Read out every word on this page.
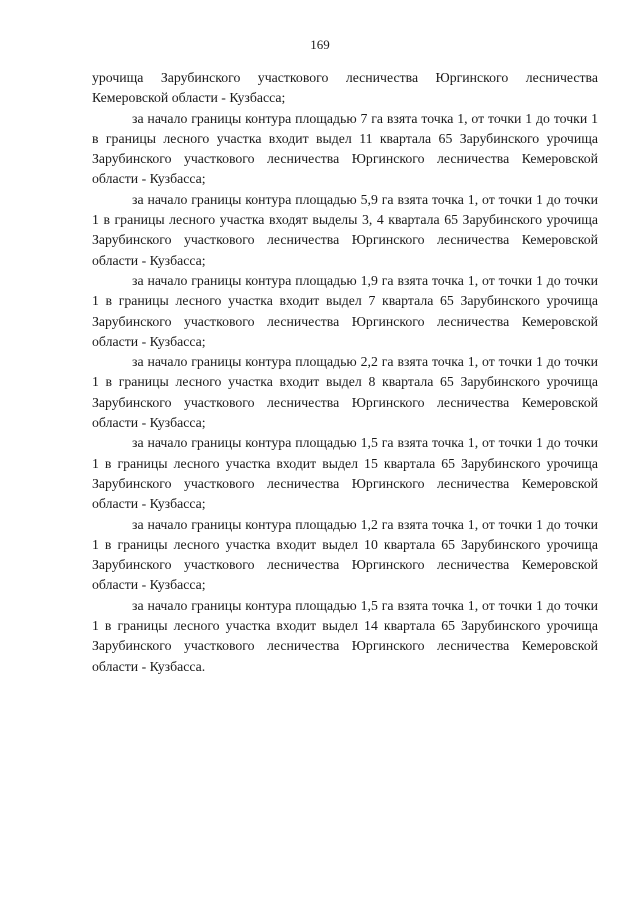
169

урочища Зарубинского участкового лесничества Юргинского лесничества Кемеровской области - Кузбасса;

за начало границы контура площадью 7 га взята точка 1, от точки 1 до точки 1 в границы лесного участка входит выдел 11 квартала 65 Зарубинского урочища Зарубинского участкового лесничества Юргинского лесничества Кемеровской области - Кузбасса;

за начало границы контура площадью 5,9 га взята точка 1, от точки 1 до точки 1 в границы лесного участка входят выделы 3, 4 квартала 65 Зарубинского урочища Зарубинского участкового лесничества Юргинского лесничества Кемеровской области - Кузбасса;

за начало границы контура площадью 1,9 га взята точка 1, от точки 1 до точки 1 в границы лесного участка входит выдел 7 квартала 65 Зарубинского урочища Зарубинского участкового лесничества Юргинского лесничества Кемеровской области - Кузбасса;

за начало границы контура площадью 2,2 га взята точка 1, от точки 1 до точки 1 в границы лесного участка входит выдел 8 квартала 65 Зарубинского урочища Зарубинского участкового лесничества Юргинского лесничества Кемеровской области - Кузбасса;

за начало границы контура площадью 1,5 га взята точка 1, от точки 1 до точки 1 в границы лесного участка входит выдел 15 квартала 65 Зарубинского урочища Зарубинского участкового лесничества Юргинского лесничества Кемеровской области - Кузбасса;

за начало границы контура площадью 1,2 га взята точка 1, от точки 1 до точки 1 в границы лесного участка входит выдел 10 квартала 65 Зарубинского урочища Зарубинского участкового лесничества Юргинского лесничества Кемеровской области - Кузбасса;

за начало границы контура площадью 1,5 га взята точка 1, от точки 1 до точки 1 в границы лесного участка входит выдел 14 квартала 65 Зарубинского урочища Зарубинского участкового лесничества Юргинского лесничества Кемеровской области - Кузбасса.
